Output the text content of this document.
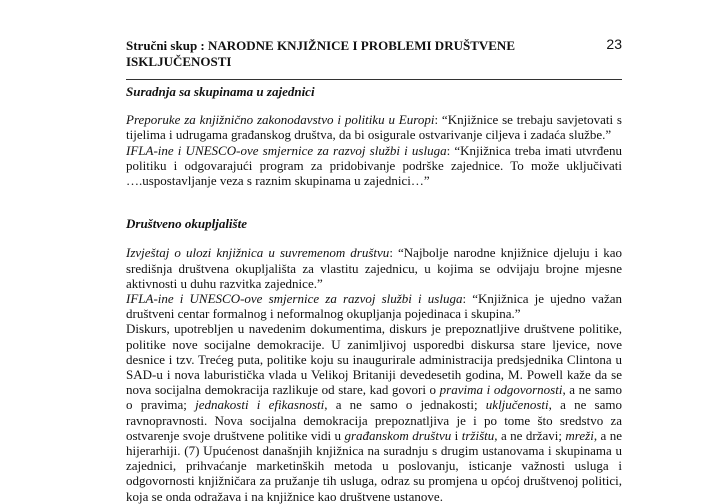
Stručni skup : NARODNE KNJIŽNICE I PROBLEMI DRUŠTVENE ISKLJUČENOSTI
23

Suradnja sa skupinama u zajednici

Preporuke za knjižnično zakonodavstvo i politiku u Europi: “Knjižnice se trebaju savjetovati s tijelima i udrugama građanskog društva, da bi osigurale ostvarivanje ciljeva i zadaća službe.”

IFLA-ine i UNESCO-ove smjernice za razvoj službi i usluga: “Knjižnica treba imati utvrđenu politiku i odgovarajući program za pridobivanje podrške zajednice. To može uključivati ….uspostavljanje veza s raznim skupinama u zajednici…”

Društveno okupljalište

Izvještaj o ulozi knjižnica u suvremenom društvu: “Najbolje narodne knjižnice djeluju i kao središnja društvena okupljališta za vlastitu zajednicu, u kojima se odvijaju brojne mjesne aktivnosti u duhu razvitka zajednice.”

IFLA-ine i UNESCO-ove smjernice za razvoj službi i usluga: “Knjižnica je ujedno važan društveni centar formalnog i neformalnog okupljanja pojedinaca i skupina.”

Diskurs, upotrebljen u navedenim dokumentima, diskurs je prepoznatljive društvene politike, politike nove socijalne demokracije. U zanimljivoj usporedbi diskursa stare ljevice, nove desnice i tzv. Trećeg puta, politike koju su inaugurirale administracija predsjednika Clintona u SAD-u i nova laburistička vlada u Velikoj Britaniji devedesetih godina, M. Powell kaže da se nova socijalna demokracija razlikuje od stare, kad govori o pravima i odgovornosti, a ne samo o pravima; jednakosti i efikasnosti, a ne samo o jednakosti; uključenosti, a ne samo ravnopravnosti. Nova socijalna demokracija prepoznatljiva je i po tome što sredstvo za ostvarenje svoje društvene politike vidi u građanskom društvu i tržištu, a ne državi; mreži, a ne hijerarhiji. (7) Upućenost današnjih knjižnica na suradnju s drugim ustanovama i skupinama u zajednici, prihvaćanje marketinških metoda u poslovanju, isticanje važnosti usluga i odgovornosti knjižničara za pružanje tih usluga, odraz su promjena u općoj društvenoj politici, koja se onda odražava i na knjižnice kao društvene ustanove.
